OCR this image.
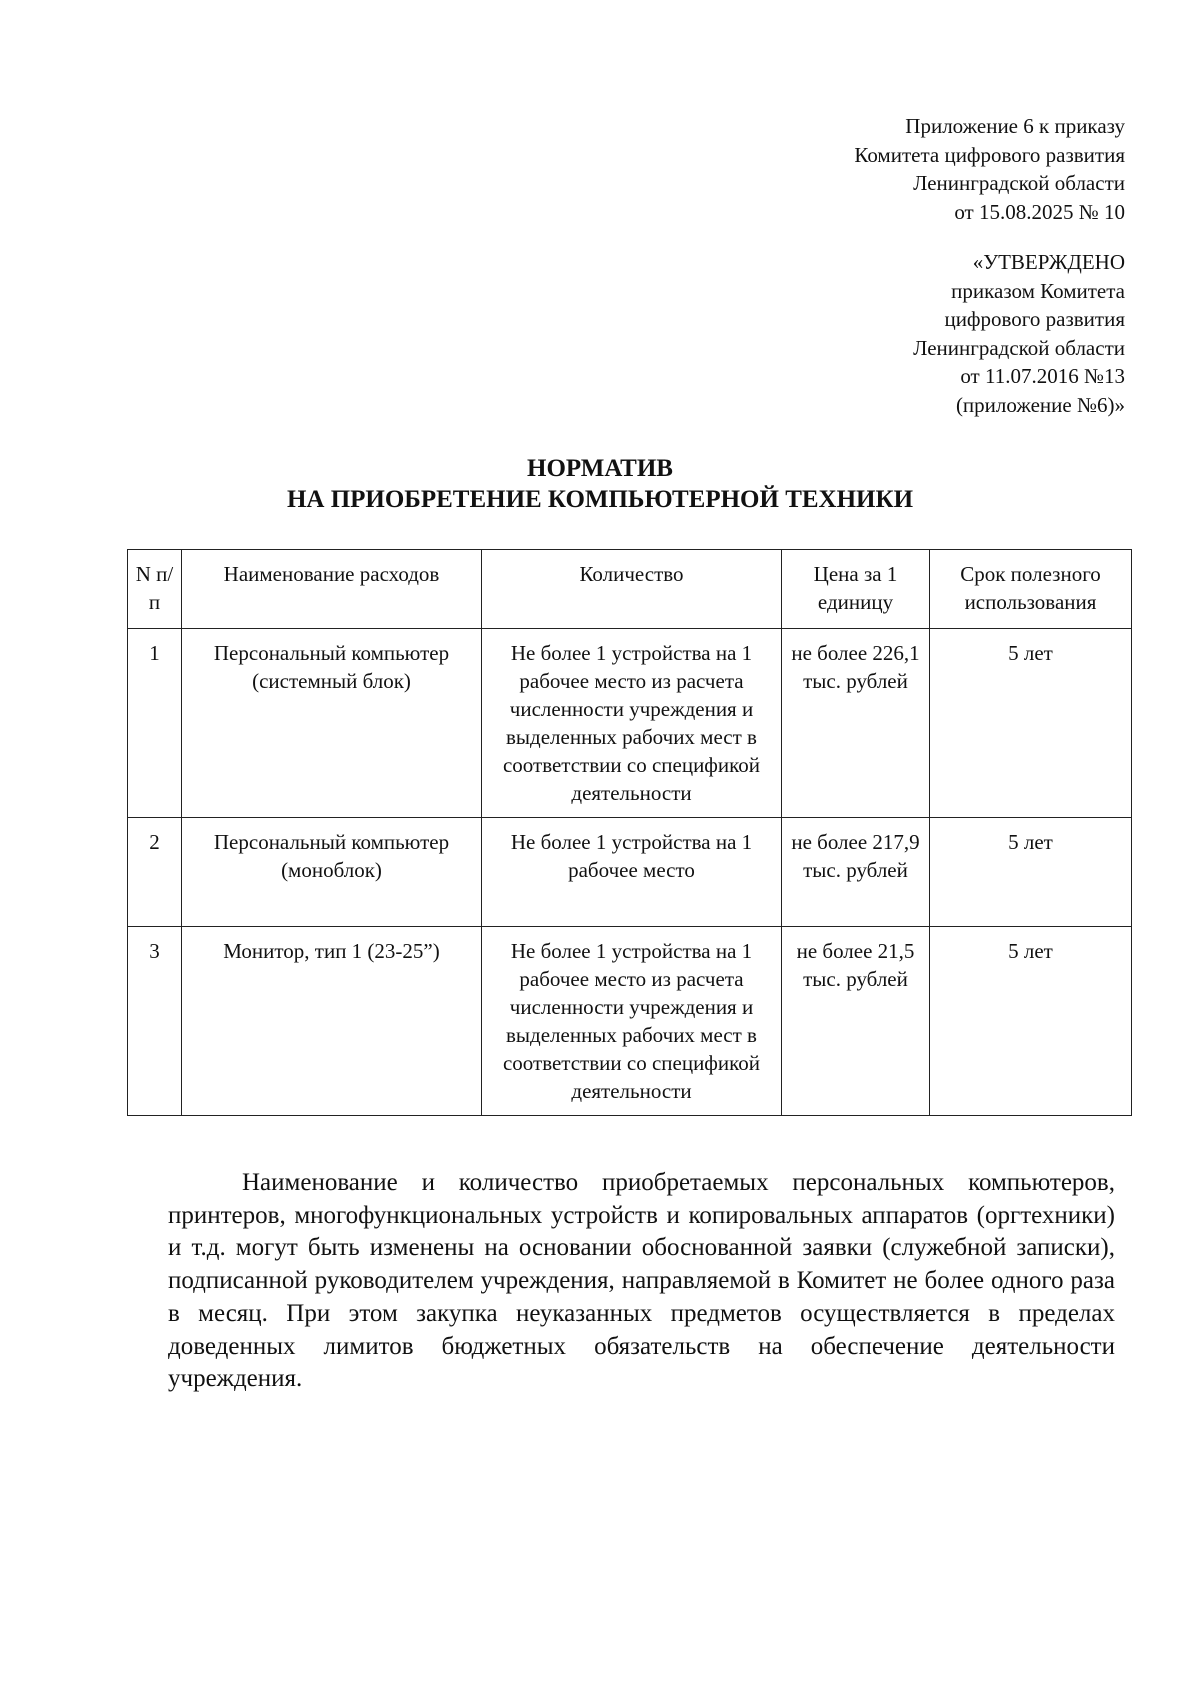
Приложение 6 к приказу
Комитета цифрового развития
Ленинградской области
от 15.08.2025 № 10
«УТВЕРЖДЕНО
приказом Комитета
цифрового развития
Ленинградской области
от 11.07.2016 №13
(приложение №6)»
НОРМАТИВ
НА ПРИОБРЕТЕНИЕ КОМПЬЮТЕРНОЙ ТЕХНИКИ
N п/п	Наименование расходов	Количество	Цена за 1 единицу	Срок полезного использования
1	Персональный компьютер (системный блок)	Не более 1 устройства на 1 рабочее место из расчета численности учреждения и выделенных рабочих мест в соответствии со спецификой деятельности	не более 226,1 тыс. рублей	5 лет
2	Персональный компьютер (моноблок)	Не более 1 устройства на 1 рабочее место	не более 217,9 тыс. рублей	5 лет
3	Монитор, тип 1 (23-25”)	Не более 1 устройства на 1 рабочее место из расчета численности учреждения и выделенных рабочих мест в соответствии со спецификой деятельности	не более 21,5 тыс. рублей	5 лет

Наименование и количество приобретаемых персональных компьютеров, принтеров, многофункциональных устройств и копировальных аппаратов (оргтехники) и т.д. могут быть изменены на основании обоснованной заявки (служебной записки), подписанной руководителем учреждения, направляемой в Комитет не более одного раза в месяц. При этом закупка неуказанных предметов осуществляется в пределах доведенных лимитов бюджетных обязательств на обеспечение деятельности учреждения.
